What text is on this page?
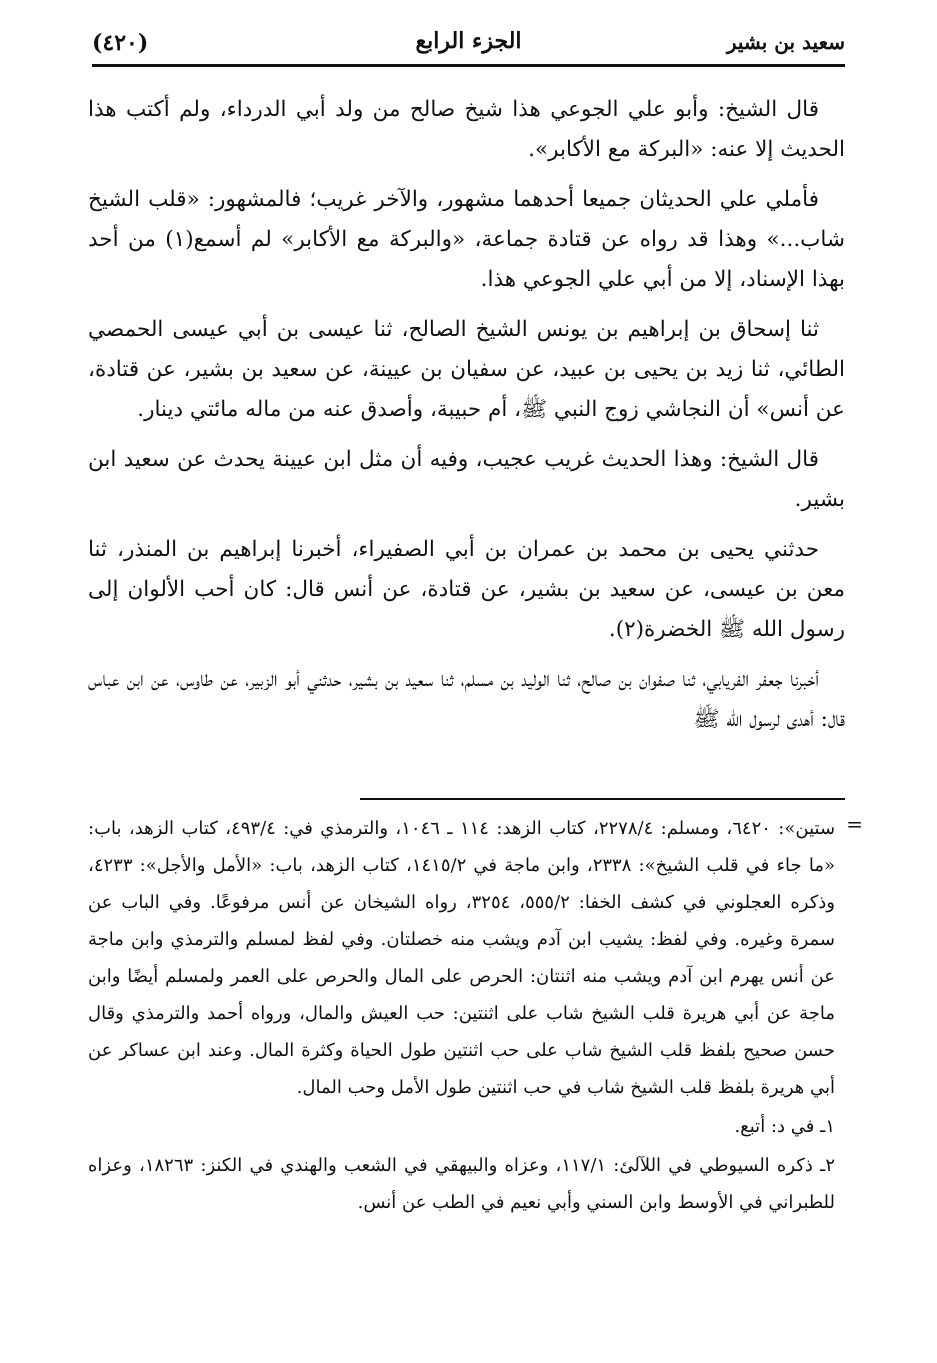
سعيد بن بشير
الجزء الرابع
(٤٢٠)

قال الشيخ: وأبو علي الجوعي هذا شيخ صالح من ولد أبي الدرداء، ولم أكتب هذا الحديث إلا عنه: «البركة مع الأكابر».

فأملي علي الحديثان جميعا أحدهما مشهور، والآخر غريب؛ فالمشهور: «قلب الشيخ شاب...» وهذا قد رواه عن قتادة جماعة، «والبركة مع الأكابر» لم أسمع(١) من أحد بهذا الإسناد، إلا من أبي علي الجوعي هذا.

ثنا إسحاق بن إبراهيم بن يونس الشيخ الصالح، ثنا عيسى بن أبي عيسى الحمصي الطائي، ثنا زيد بن يحيى بن عبيد، عن سفيان بن عيينة، عن سعيد بن بشير، عن قتادة، عن أنس» أن النجاشي زوج النبي ﷺ، أم حبيبة، وأصدق عنه من ماله مائتي دينار.

قال الشيخ: وهذا الحديث غريب عجيب، وفيه أن مثل ابن عيينة يحدث عن سعيد ابن بشير.

حدثني يحيى بن محمد بن عمران بن أبي الصفيراء، أخبرنا إبراهيم بن المنذر، ثنا معن بن عيسى، عن سعيد بن بشير، عن قتادة، عن أنس قال: كان أحب الألوان إلى رسول الله ﷺ الخضرة(٢).

أخبرنا جعفر الفريابي، ثنا صفوان بن صالح، ثنا الوليد بن مسلم، ثنا سعيد بن بشير، حدثني أبو الزبير، عن طاوس، عن ابن عباس قال: أهدى لرسول الله ﷺ

=

ستين»: ٦٤٢٠، ومسلم: ٢٢٧٨/٤، كتاب الزهد: ١١٤ ـ ١٠٤٦، والترمذي في: ٤٩٣/٤، كتاب الزهد، باب: «ما جاء في قلب الشيخ»: ٢٣٣٨، وابن ماجة في ١٤١٥/٢، كتاب الزهد، باب: «الأمل والأجل»: ٤٢٣٣، وذكره العجلوني في كشف الخفا: ٥٥٥/٢، ٣٢٥٤، رواه الشيخان عن أنس مرفوعًا. وفي الباب عن سمرة وغيره. وفي لفظ: يشيب ابن آدم ويشب منه خصلتان. وفي لفظ لمسلم والترمذي وابن ماجة عن أنس يهرم ابن آدم ويشب منه اثنتان: الحرص على المال والحرص على العمر ولمسلم أيضًا وابن ماجة عن أبي هريرة قلب الشيخ شاب على اثنتين: حب العيش والمال، ورواه أحمد والترمذي وقال حسن صحيح بلفظ قلب الشيخ شاب على حب اثنتين طول الحياة وكثرة المال. وعند ابن عساكر عن أبي هريرة بلفظ قلب الشيخ شاب في حب اثنتين طول الأمل وحب المال.

١ـ في د: أتبع.

٢ـ ذكره السيوطي في اللآلئ: ١١٧/١، وعزاه والبيهقي في الشعب والهندي في الكنز: ١٨٢٦٣، وعزاه للطبراني في الأوسط وابن السني وأبي نعيم في الطب عن أنس.
